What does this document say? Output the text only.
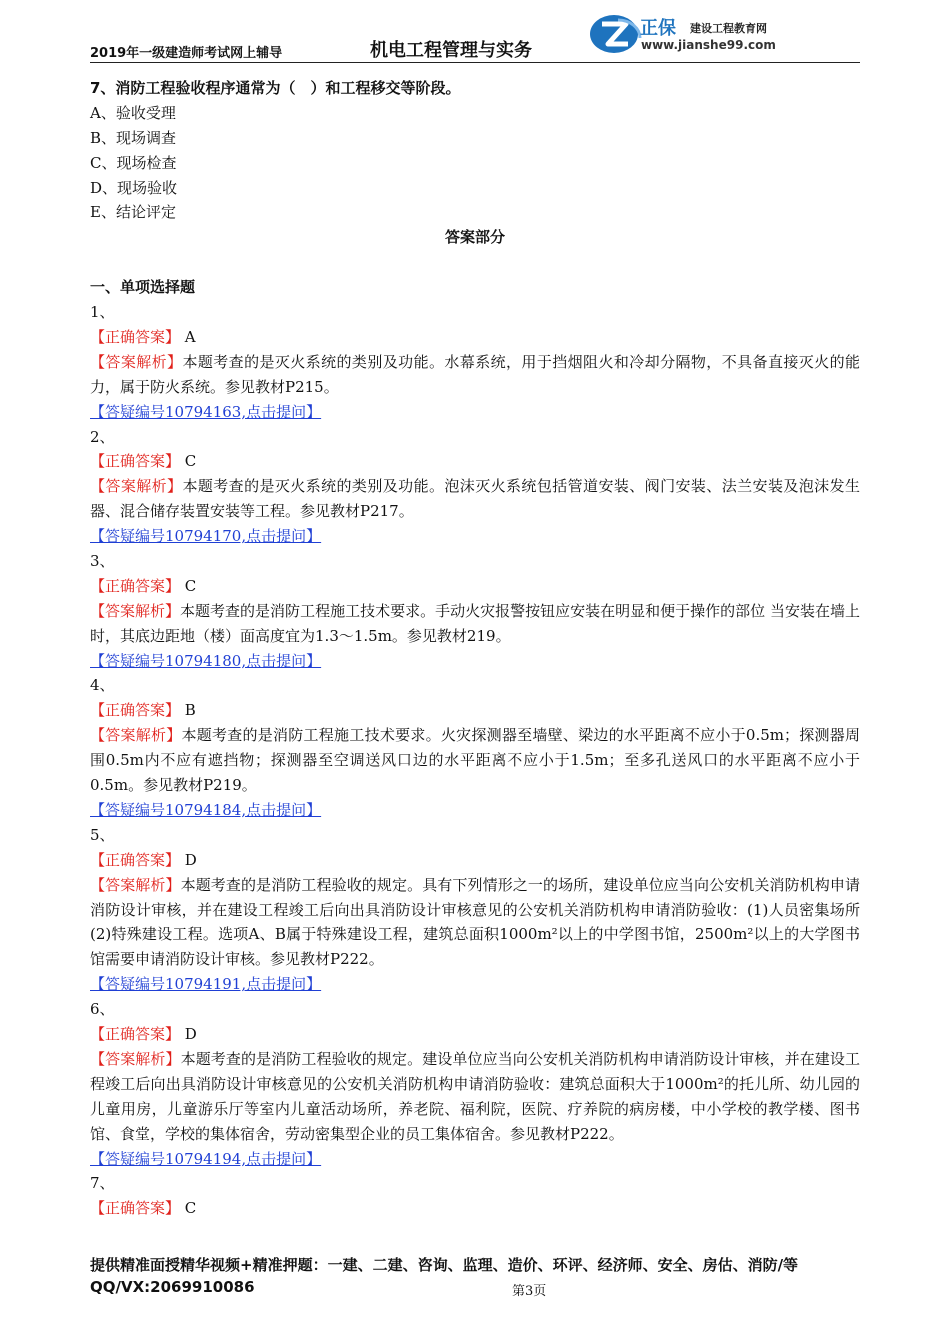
2019年一级建造师考试网上辅导	机电工程管理与实务
正保 建设工程教育网
www.jianshe99.com
7、消防工程验收程序通常为（　）和工程移交等阶段。
A、验收受理
B、现场调查
C、现场检查
D、现场验收
E、结论评定
答案部分
一、单项选择题
1、
【正确答案】 A
【答案解析】本题考查的是灭火系统的类别及功能。水幕系统，用于挡烟阻火和冷却分隔物，不具备直接灭火的能力，属于防火系统。参见教材P215。
【答疑编号10794163,点击提问】
2、
【正确答案】 C
【答案解析】本题考查的是灭火系统的类别及功能。泡沫灭火系统包括管道安装、阀门安装、法兰安装及泡沫发生器、混合储存装置安装等工程。参见教材P217。
【答疑编号10794170,点击提问】
3、
【正确答案】 C
【答案解析】本题考查的是消防工程施工技术要求。手动火灾报警按钮应安装在明显和便于操作的部位 当安装在墙上时，其底边距地（楼）面高度宜为1.3～1.5m。参见教材219。
【答疑编号10794180,点击提问】
4、
【正确答案】 B
【答案解析】本题考查的是消防工程施工技术要求。火灾探测器至墙壁、梁边的水平距离不应小于0.5m；探测器周围0.5m内不应有遮挡物；探测器至空调送风口边的水平距离不应小于1.5m；至多孔送风口的水平距离不应小于0.5m。参见教材P219。
【答疑编号10794184,点击提问】
5、
【正确答案】 D
【答案解析】本题考查的是消防工程验收的规定。具有下列情形之一的场所，建设单位应当向公安机关消防机构申请消防设计审核，并在建设工程竣工后向出具消防设计审核意见的公安机关消防机构申请消防验收：(1)人员密集场所(2)特殊建设工程。选项A、B属于特殊建设工程，建筑总面积1000m²以上的中学图书馆，2500m²以上的大学图书馆需要申请消防设计审核。参见教材P222。
【答疑编号10794191,点击提问】
6、
【正确答案】 D
【答案解析】本题考查的是消防工程验收的规定。建设单位应当向公安机关消防机构申请消防设计审核，并在建设工程竣工后向出具消防设计审核意见的公安机关消防机构申请消防验收：建筑总面积大于1000m²的托儿所、幼儿园的儿童用房，儿童游乐厅等室内儿童活动场所，养老院、福利院，医院、疗养院的病房楼，中小学校的教学楼、图书馆、食堂，学校的集体宿舍，劳动密集型企业的员工集体宿舍。参见教材P222。
【答疑编号10794194,点击提问】
7、
【正确答案】 C
提供精准面授精华视频+精准押题：一建、二建、咨询、监理、造价、环评、经济师、安全、房估、消防/等
QQ/VX:2069910086	第3页
